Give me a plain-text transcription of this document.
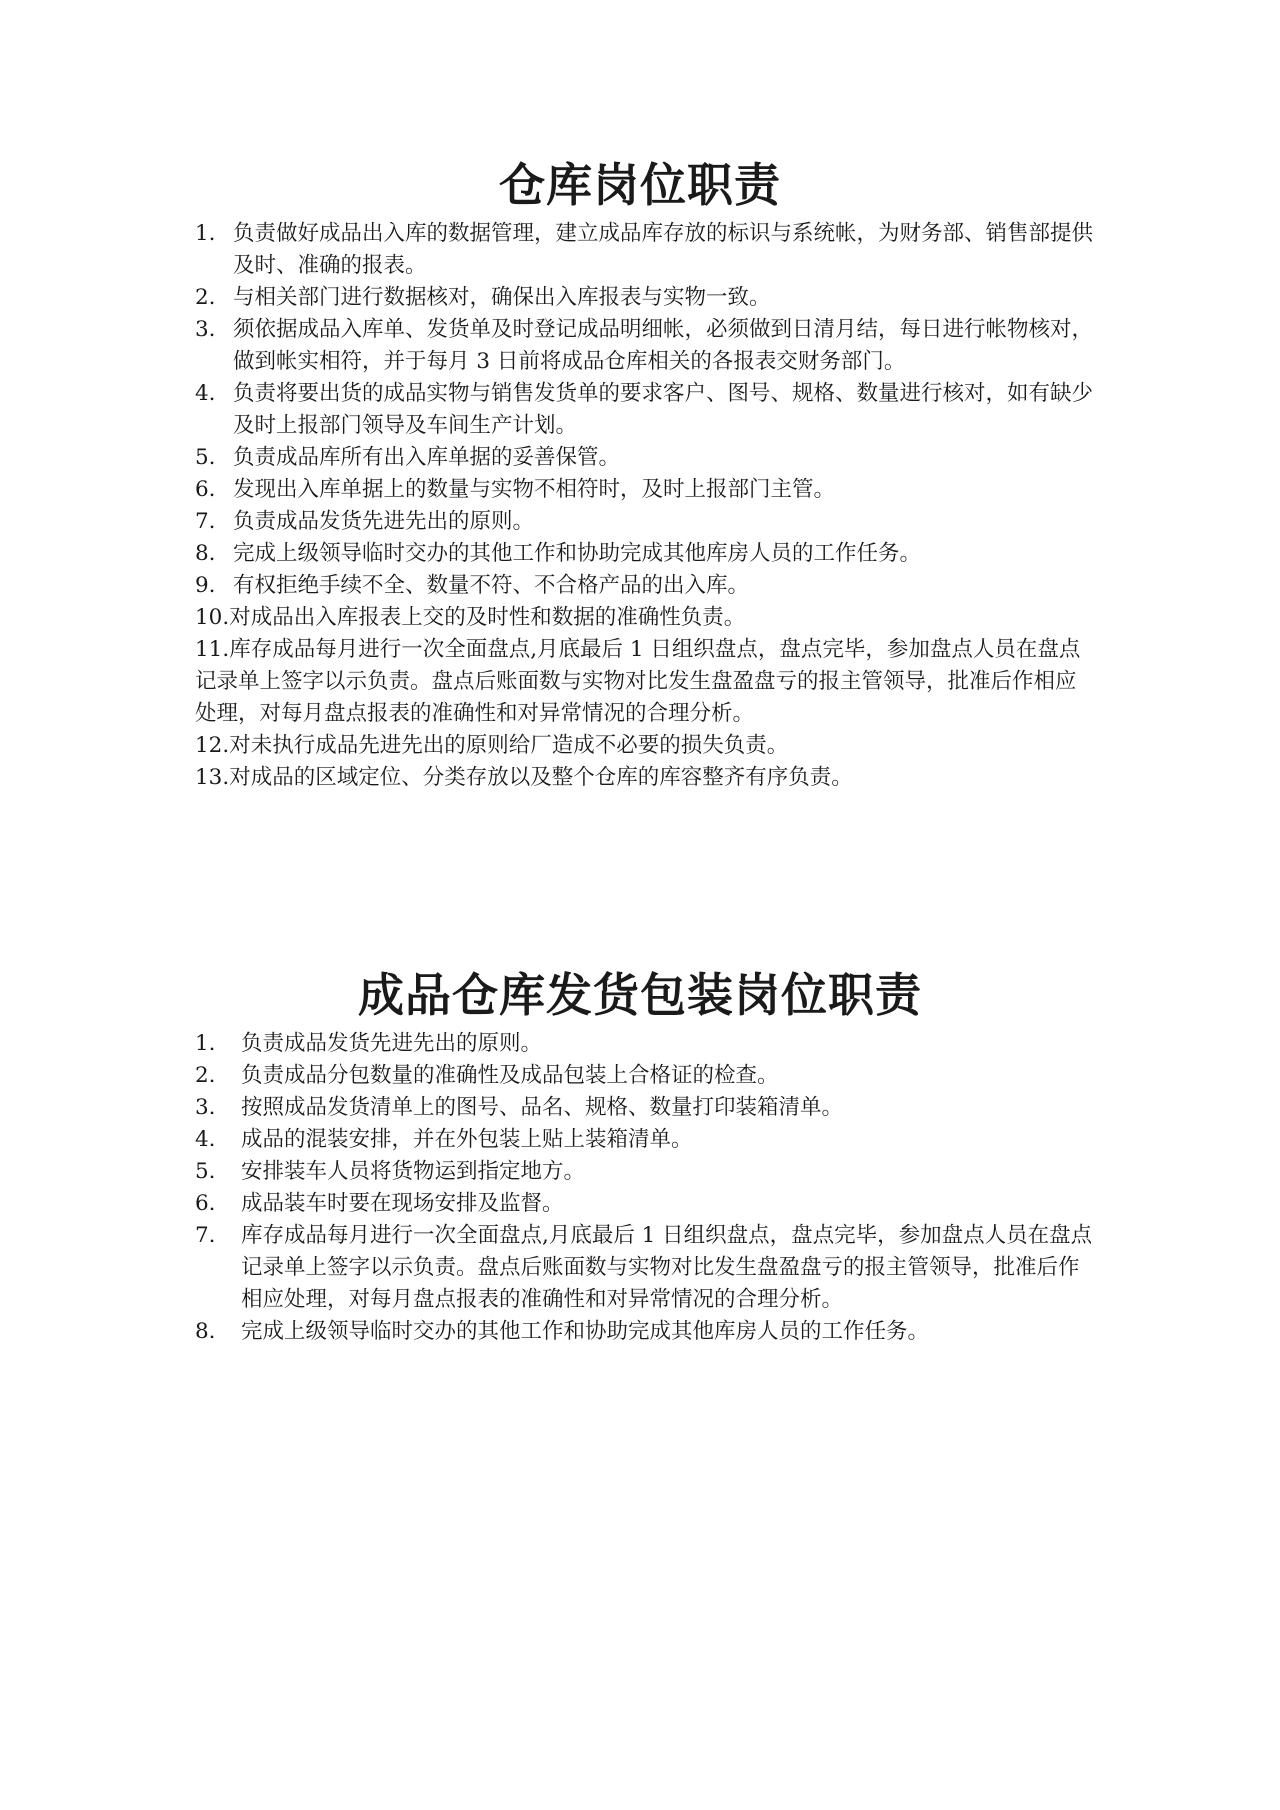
仓库岗位职责
1. 负责做好成品出入库的数据管理，建立成品库存放的标识与系统帐，为财务部、销售部提供及时、准确的报表。
2. 与相关部门进行数据核对，确保出入库报表与实物一致。
3. 须依据成品入库单、发货单及时登记成品明细帐，必须做到日清月结，每日进行帐物核对，做到帐实相符，并于每月 3 日前将成品仓库相关的各报表交财务部门。
4. 负责将要出货的成品实物与销售发货单的要求客户、图号、规格、数量进行核对，如有缺少及时上报部门领导及车间生产计划。
5. 负责成品库所有出入库单据的妥善保管。
6. 发现出入库单据上的数量与实物不相符时，及时上报部门主管。
7. 负责成品发货先进先出的原则。
8. 完成上级领导临时交办的其他工作和协助完成其他库房人员的工作任务。
9. 有权拒绝手续不全、数量不符、不合格产品的出入库。
10.对成品出入库报表上交的及时性和数据的准确性负责。
11.库存成品每月进行一次全面盘点,月底最后 1 日组织盘点，盘点完毕，参加盘点人员在盘点记录单上签字以示负责。盘点后账面数与实物对比发生盘盈盘亏的报主管领导，批准后作相应处理，对每月盘点报表的准确性和对异常情况的合理分析。
12.对未执行成品先进先出的原则给厂造成不必要的损失负责。
13.对成品的区域定位、分类存放以及整个仓库的库容整齐有序负责。
成品仓库发货包装岗位职责
1. 负责成品发货先进先出的原则。
2. 负责成品分包数量的准确性及成品包装上合格证的检查。
3. 按照成品发货清单上的图号、品名、规格、数量打印装箱清单。
4. 成品的混装安排，并在外包装上贴上装箱清单。
5. 安排装车人员将货物运到指定地方。
6. 成品装车时要在现场安排及监督。
7. 库存成品每月进行一次全面盘点,月底最后 1 日组织盘点，盘点完毕，参加盘点人员在盘点记录单上签字以示负责。盘点后账面数与实物对比发生盘盈盘亏的报主管领导，批准后作相应处理，对每月盘点报表的准确性和对异常情况的合理分析。
8. 完成上级领导临时交办的其他工作和协助完成其他库房人员的工作任务。
